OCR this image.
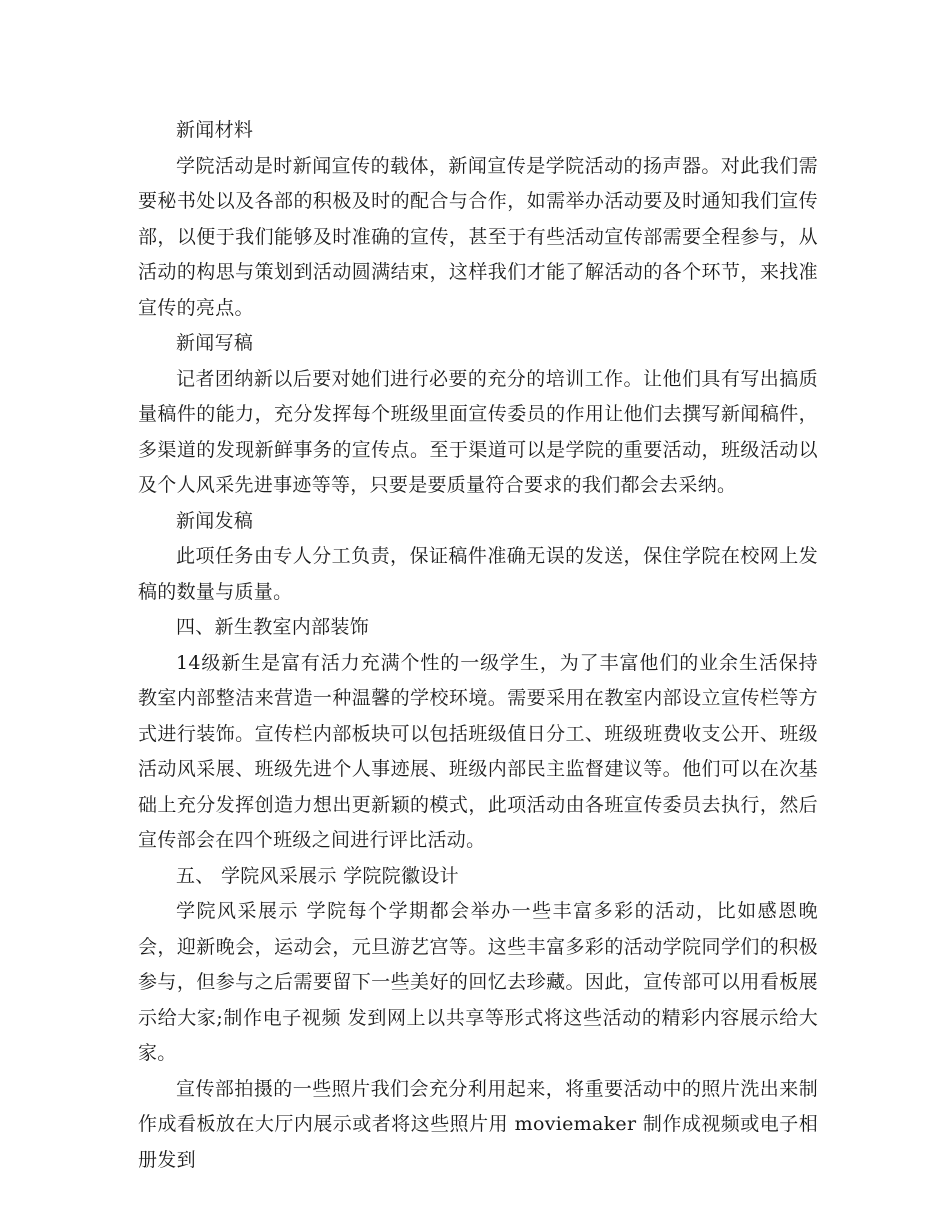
新闻材料

学院活动是时新闻宣传的载体，新闻宣传是学院活动的扬声器。对此我们需要秘书处以及各部的积极及时的配合与合作，如需举办活动要及时通知我们宣传部，以便于我们能够及时准确的宣传，甚至于有些活动宣传部需要全程参与，从活动的构思与策划到活动圆满结束，这样我们才能了解活动的各个环节，来找准宣传的亮点。

新闻写稿

记者团纳新以后要对她们进行必要的充分的培训工作。让他们具有写出搞质量稿件的能力，充分发挥每个班级里面宣传委员的作用让他们去撰写新闻稿件，多渠道的发现新鲜事务的宣传点。至于渠道可以是学院的重要活动，班级活动以及个人风采先进事迹等等，只要是要质量符合要求的我们都会去采纳。

新闻发稿

此项任务由专人分工负责，保证稿件准确无误的发送，保住学院在校网上发稿的数量与质量。

四、新生教室内部装饰

14级新生是富有活力充满个性的一级学生，为了丰富他们的业余生活保持教室内部整洁来营造一种温馨的学校环境。需要采用在教室内部设立宣传栏等方式进行装饰。宣传栏内部板块可以包括班级值日分工、班级班费收支公开、班级活动风采展、班级先进个人事迹展、班级内部民主监督建议等。他们可以在次基础上充分发挥创造力想出更新颖的模式，此项活动由各班宣传委员去执行，然后宣传部会在四个班级之间进行评比活动。

五、 学院风采展示 学院院徽设计

学院风采展示 学院每个学期都会举办一些丰富多彩的活动，比如感恩晚会，迎新晚会，运动会，元旦游艺宫等。这些丰富多彩的活动学院同学们的积极参与，但参与之后需要留下一些美好的回忆去珍藏。因此，宣传部可以用看板展示给大家;制作电子视频 发到网上以共享等形式将这些活动的精彩内容展示给大家。

宣传部拍摄的一些照片我们会充分利用起来，将重要活动中的照片洗出来制作成看板放在大厅内展示或者将这些照片用 moviemaker 制作成视频或电子相册发到
